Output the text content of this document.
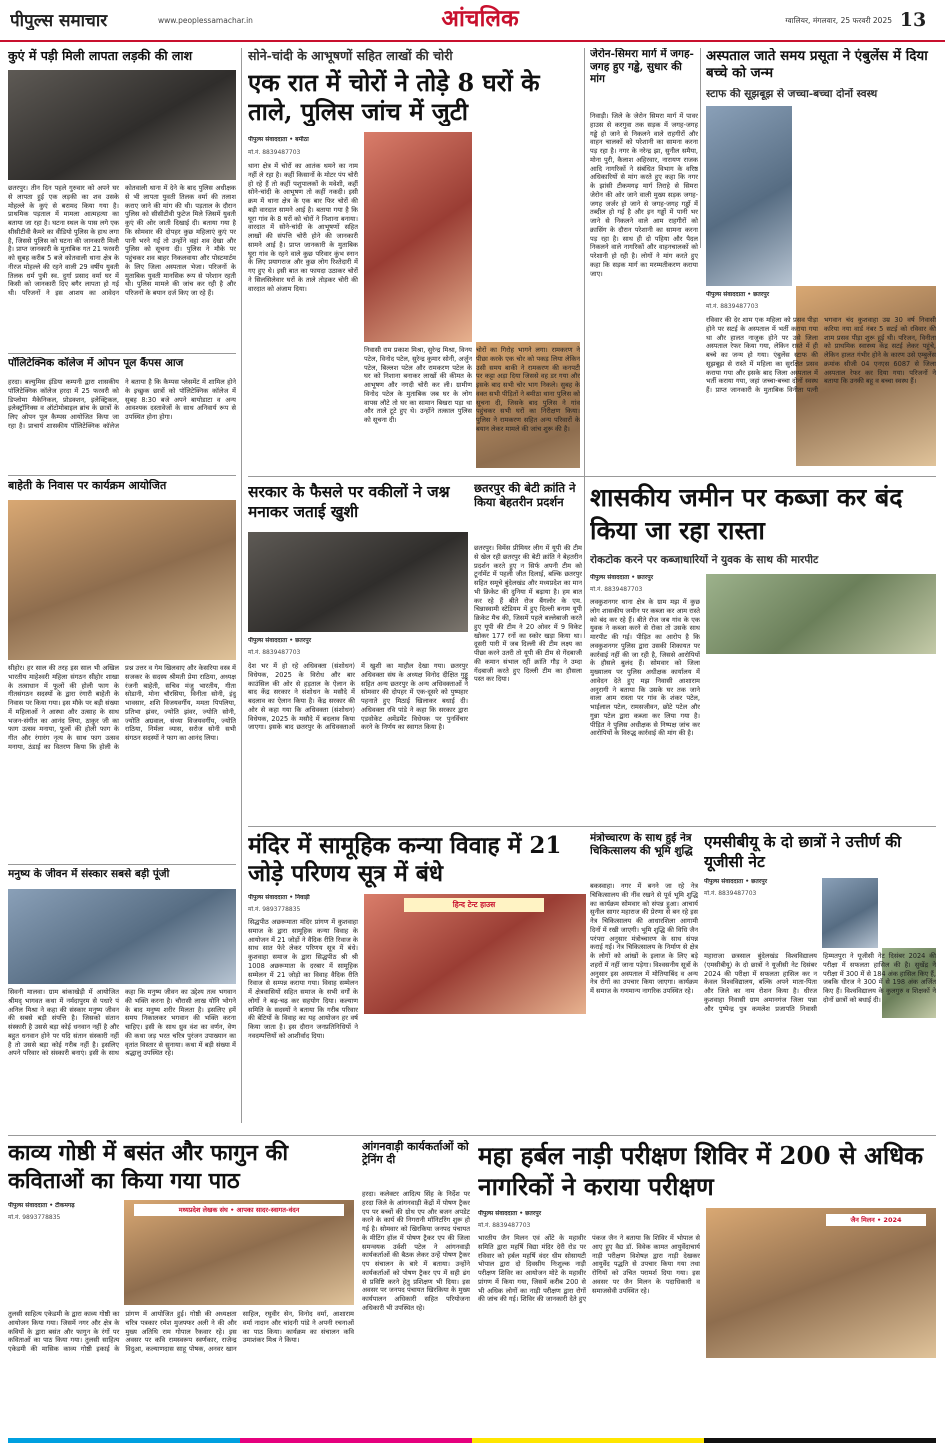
पीपुल्स समाचार	www.peoplessamachar.in	आंचलिक	ग्वालियर, मंगलवार, 25 फरवरी 2025 13
कुएं में पड़ी मिली लापता लड़की की लाश
छतरपुर। तीन दिन पहले गुरुवार को अपने घर से लापता हुई एक लड़की का शव उसके मोहल्ले के कुएं से बरामद किया गया है। प्राथमिक पड़ताल में मामला आत्महत्या का बताया जा रहा है। घटना स्थल के पास लगे एक सीसीटीवी कैमरे का वीडियो पुलिस के हाथ लगा है, जिससे पुलिस को घटना की जानकारी मिली है। प्राप्त जानकारी के मुताबिक गत 21 फरवरी को सुबह करीब 5 बजे कोतवाली थाना क्षेत्र के नीरज मोहल्ले की रहने वाली 29 वर्षीय युवती तिलक धर्म पुत्री स्व. दुर्गा प्रसाद वर्मा घर में किसी को जानकारी दिए बगैर लापता हो गई थी। परिजनों ने इस आशय का आवेदन कोतवाली थाना में देने के बाद पुलिस अधीक्षक से भी लापता युवती तिलक वर्मा की तलाश कराए जाने की मांग की थी। पड़ताल के दौरान पुलिस को सीसीटीवी फुटेज मिले जिसमें युवती कुएं की ओर जाती दिखाई दी। बताया गया है कि सोमवार की दोपहर कुछ महिलाएं कुएं पर पानी भरने गईं तो उन्होंने वहां शव देखा और पुलिस को सूचना दी। पुलिस ने मौके पर पहुंचकर शव बाहर निकलवाया और पोस्टमार्टम के लिए जिला अस्पताल भेजा। परिजनों के मुताबिक युवती मानसिक रूप से परेशान रहती थी। पुलिस मामले की जांच कर रही है और परिजनों के बयान दर्ज किए जा रहे हैं।
पॉलिटेक्निक कॉलेज में ओपन पूल कैंपस आज
हरदा। बल्युमिस इंडिया कम्पनी द्वारा शासकीय पॉलिटेक्निक कॉलेज हरदा में 25 फरवरी को डिप्लोमा मैकेनिकल, प्रोडक्शन, इलेक्ट्रिकल, इलेक्ट्रॉनिक्स व ऑटोमोबाइल ब्रांच के छात्रों के लिए ओपन पूल कैम्पस आयोजित किया जा रहा है। प्राचार्य शासकीय पॉलिटेक्निक कॉलेज ने बताया है कि कैम्पस प्लेसमेंट में शामिल होने के इच्छुक छात्रों को पॉलिटेक्निक कॉलेज में सुबह 8:30 बजे अपने बायोडाटा व अन्य आवश्यक दस्तावेजों के साथ अनिवार्य रूप से उपस्थित होना होगा।
बाहेती के निवास पर कार्यक्रम आयोजित
सीहोर। हर साल की तरह इस साल भी अखिल भारतीय माहेश्वरी महिला संगठन सीहोर शाखा के तत्वाधान में फूलों की होली फाग के गीतसंगठन सदस्यों के द्वारा रंगारी बाहेती के निवास पर किया गया। इस मौके पर बड़ी संख्या में महिलाओं ने आस्था और उत्साह के साथ भजन-संगीत का आनंद लिया, ठाकुर जी का फाग उत्सव मनाया, फूलों की होली फाग के गीत और रंगारंग नृत्य के साथ फाग उत्सव मनाया, ठंडाई का वितरण किया कि होली के प्रश्न उत्तर व गेम खिलवाए और केसरिया वस्त्र में सजकर के सदस्य श्रीमती प्रेमा राठिया, अध्यक्ष रंजनी बाहेती, सचिव मंजु भारतीय, गीता सोडानी, मोना चौरसिया, विनीता सोनी, इंदु भावसार, शशि विजयवर्गीय, ममता पिपलिया, प्रतिभा झंवर, ज्योति झंवर, ज्योति सोनी, ज्योति अग्रवाल, संध्या विजयवर्गीय, ज्योति राठिया, निर्मला व्यास, सरोज सोनी सभी संगठन सदस्यों ने फाग का आनंद लिया।
मनुष्य के जीवन में संस्कार सबसे बड़ी पूंजी
सिवनी मालवा। ग्राम बांकाखेड़ी में आयोजित श्रीमद् भागवत कथा में नर्मदापुरम से पधारे पं अनिल मिश्रा ने कहा की संस्कार मनुष्य जीवन की सबसे बड़ी संपत्ति है। जिसको संतान संस्कारी है उससे बड़ा कोई धनवान नहीं है और बहुत धनवान होने पर यदि संतान संस्कारी नहीं है तो उससे बड़ा कोई गरीब नहीं है। इसलिए अपने परिवार को संस्कारी बनाएं। इसी के साथ कहा कि मनुष्य जीवन का उद्देश्य तत्व भगवान की भक्ति करना है। चौरासी लाख योनि भोगने के बाद मनुष्य शरीर मिलता है। इसलिए हमें समय निकालकर भगवान की भक्ति करना चाहिए। इसी के साथ ध्रुव वंश का वर्णन, वेण की कथा जड़ भरत चरित्र पुरंजन उपाख्यान का वृतांत विस्तार से सुनाया। कथा में बड़ी संख्या में श्रद्धालु उपस्थित रहे।
सोने-चांदी के आभूषणों सहित लाखों की चोरी
एक रात में चोरों ने तोड़े 8 घरों के ताले, पुलिस जांच में जुटी
पीपुल्स संवाददाता • बमीठा
मो.नं. 8839487703
थाना क्षेत्र में चोरों का आतंक थमने का नाम नहीं ले रहा है। कहीं किसानों के मोटर पंप चोरी हो रहे हैं तो कहीं पशुपालकों के मवेशी, कहीं सोने-चांदी के आभूषण तो कहीं नकदी। इसी क्रम में थाना क्षेत्र के एक बार फिर चोरों की बड़ी वारदात सामने आई है। बताया गया है कि घूरा गांव के 8 घरों को चोरों ने निशाना बनाया। वारदात में सोने-चांदी के आभूषणों सहित लाखों की संपत्ति चोरी होने की जानकारी सामने आई है। प्राप्त जानकारी के मुताबिक घूरा गांव के रहने वाले कुछ परिवार कुंभ स्नान के लिए प्रयागराज और कुछ लोग रिश्तेदारी में गए हुए थे। इसी बात का फायदा उठाकर चोरों ने सिलसिलेवार घरों के ताले तोड़कर चोरी की वारदात को अंजाम दिया।
निवासी राम प्रकाश मिश्रा, सुरेन्द्र मिश्रा, विनय पटेल, विनोद पटेल, सुरेन्द्र कुमार सोनी, अर्जुन पटेल, बिल्लश पटेल और रामकरण पटेल के घर को निशाना बनाकर लाखों की कीमत के आभूषण और नगदी चोरी कर ली। ग्रामीण विनोद पटेल के मुताबिक जब घर के लोग वापस लौटे तो घर का सामान बिखरा पड़ा था और ताले टूटे हुए थे। उन्होंने तत्काल पुलिस को सूचना दी।
चोरों का गिरोह भागने लगा। रामकरण ने पीछा करके एक चोर को पकड़ लिया लेकिन उसी समय बाकी ने रामकरण की कनपटी पर कट्टा अड़ा दिया जिससे वह डर गया और इसके बाद सभी चोर भाग निकले। सुबह के वक्त सभी पीड़ितों ने बमीठा थाना पुलिस को सूचना दी, जिसके बाद पुलिस ने गांव पहुंचकर सभी घरों का निरीक्षण किया। पुलिस ने रामकरण सहित अन्य परिवारों के बयान लेकर मामले की जांच शुरू की है।
जेरोन-सिमरा मार्ग में जगह-जगह हुए गड्ढे, सुधार की मांग
निवाड़ी। जिले के जेरोन सिमरा मार्ग में पावर हाउस से करगुवा तक सड़क में जगह-जगह गड्ढे हो जाने से निकलने वाले राहगीरों और वाहन चालकों को परेशानी का सामना करना पड़ रहा है। नगर के नरेन्द्र झा, सुनील समैया, मोना पुरी, कैलाश अहिरवार, नारायण राजक आदि नागरिकों ने संबंधित विभाग के वरिष्ठ अधिकारियों से मांग करते हुए कहा कि नगर के झांसी टीकमगढ़ मार्ग तिराहे से सिमरा जेरोन की ओर जाने वाली मुख्य सड़क जगह-जगह जर्जर हो जाने से जगह-जगह गड्ढों में तब्दील हो गई है और इन गड्ढों में पानी भर जाने से निकलने वाले आम राहगीरों को क्रासिंग के दौरान परेशानी का सामना करना पड़ रहा है। साथ ही दो पहिया और पैदल निकलने वाले नागरिकों और वाहनचालकों को परेशानी हो रही है। लोगों ने मांग करते हुए कहा कि सड़क मार्ग का मरम्मतीकरण कराया जाए।
अस्पताल जाते समय प्रसूता ने एंबुलेंस में दिया बच्चे को जन्म
स्टाफ की सूझबूझ से जच्चा-बच्चा दोनों स्वस्थ
पीपुल्स संवाददाता • छतरपुर
मो.नं. 8839487703
रविवार की देर शाम एक महिला को प्रसव पीड़ा होने पर सटई के अस्पताल में भर्ती कराया गया था और हालत नाजुक होने पर उसे जिला अस्पताल रेफर किया गया, लेकिन रास्ते में ही बच्चे का जन्म हो गया। एंबुलेंस स्टाफ की सूझबूझ से रास्ते में महिला का सुरक्षित प्रसव कराया गया और इसके बाद जिला अस्पताल में भर्ती कराया गया, जहां जच्चा-बच्चा दोनों स्वस्थ हैं। प्राप्त जानकारी के मुताबिक विनीता पत्नी भगवान चंद कुशवाहा उम्र 30 वर्ष निवासी करिया नया वार्ड नंबर 5 सटई को रविवार की शाम प्रसव पीड़ा शुरू हुई थी। परिजन, विनीता को प्राथमिक स्वास्थ्य केंद्र सटई लेकर पहुंचे, लेकिन हालत गंभीर होने के कारण उसे एम्बुलेंस क्रमांक सीजी 04 एनएस 6087 से जिला अस्पताल रेफर कर दिया गया। परिजनों ने बताया कि उनकी बहू व बच्चा स्वस्थ हैं।
सरकार के फैसले पर वकीलों ने जश्न मनाकर जताई खुशी
पीपुल्स संवाददाता • छतरपुर
मो.नं. 8839487703
देश भर में हो रहे अधिवक्ता (संशोधन) विधेयक, 2025 के विरोध और बार काउंसिल की ओर से हड़ताल के ऐलान के बाद केंद्र सरकार ने संशोधन के मसौदे में बदलाव का ऐलान किया है। केंद्र सरकार की ओर से कहा गया कि अधिवक्ता (संशोधन) विधेयक, 2025 के मसौदे में बदलाव किया जाएगा। इसके बाद छतरपुर के अधिवक्ताओं में खुशी का माहौल देखा गया। छतरपुर अधिवक्ता संघ के अध्यक्ष विनोद दीक्षित गुड्डू सहित अन्य छतरपुर के अन्य अधिवक्ताओं ने सोमवार की दोपहर में एक-दूसरे को पुष्पहार पहनाते हुए मिठाई खिलाकर बधाई दी। अधिवक्ता रवि पांडे ने कहा कि सरकार द्वारा एडवोकेट अमेंडमेंट विधेयक पर पुनर्विचार करने के निर्णय का स्वागत किया है।
छतरपुर की बेटी क्रांति ने किया बेहतरीन प्रदर्शन
छतरपुर। विमेंस प्रीमियर लीग में यूपी की टीम से खेल रही छतरपुर की बेटी क्रांति ने बेहतरीन प्रदर्शन करते हुए न सिर्फ अपनी टीम को टूर्नामेंट में पहली जीत दिलाई, बल्कि छतरपुर सहित समूचे बुंदेलखंड और मध्यप्रदेश का मान भी क्रिकेट की दुनिया में बढ़ाया है। हम बात कर रहे हैं बीते रोज बैंगलोर के एम. चिन्नास्वामी स्टेडियम में हुए दिल्ली बनाम यूपी क्रिकेट मैच की, जिसमें पहले बल्लेबाजी करते हुए यूपी की टीम ने 20 ओवर में 9 विकेट खोकर 177 रनों का स्कोर खड़ा किया था। दूसरी पारी में जब दिल्ली की टीम लक्ष्य का पीछा करने उतरी तो यूपी की टीम से गेंदबाजी की कमान संभाल रहीं क्रांति गौड़ ने उम्दा गेंदबाजी करते हुए दिल्ली टीम का हौसला पस्त कर दिया।
शासकीय जमीन पर कब्जा कर बंद किया जा रहा रास्ता
रोकटोक करने पर कब्जाधारियों ने युवक के साथ की मारपीट
पीपुल्स संवाददाता • छतरपुर
मो.नं. 8839487703
लवकुशनगर थाना क्षेत्र के ग्राम मझ में कुछ लोग शासकीय जमीन पर कब्जा कर आम रास्ते को बंद कर रहे हैं। बीते रोज जब गांव के एक युवक ने कब्जा करने से रोका तो उसके साथ मारपीट की गई। पीड़ित का आरोप है कि लवकुशनगर पुलिस द्वारा उसकी शिकायत पर कार्रवाई नहीं की जा रही है, जिससे आरोपियों के हौसले बुलंद हैं। सोमवार को जिला मुख्यालय पर पुलिस अधीक्षक कार्यालय में आवेदन देते हुए मझ निवासी आशाराम अनुरागी ने बताया कि उसके घर तक जाने वाला आम रास्ता पर गांव के शंकर पटेल, भाईलाल पटेल, रामसजीवन, छोटे पटेल और गुन्ना पटेल द्वारा कब्जा कर लिया गया है। पीड़ित ने पुलिस अधीक्षक से निष्पक्ष जांच कर आरोपियों के विरुद्ध कार्रवाई की मांग की है।
मंदिर में सामूहिक कन्या विवाह में 21 जोड़े परिणय सूत्र में बंधे
पीपुल्स संवाददाता • निवाड़ी
मो.नं. 9893778835
सिद्धपीठ अछरूमाता मंदिर प्रांगण में कुशवाहा समाज के द्वारा सामूहिक कन्या विवाह के आयोजन में 21 जोड़ों ने वैदिक रीति रिवाज के साथ सात फेरे लेकर परिणय सूत्र में बंधे। कुशवाहा समाज के द्वारा सिद्धपीठ श्री श्री 1008 अछरूमाता के दरबार में सामूहिक सम्मेलन में 21 जोड़ो का विवाह वैदिक रीति रिवाज से सम्पन्न कराया गया। विवाह सम्मेलन में क्षेत्रवासियों सहित समाज के सभी वर्गों के लोगों ने बढ़-चढ़ कर सहयोग दिया। कल्याण समिति के सदस्यों ने बताया कि गरीब परिवार की बेटियों के विवाह का यह आयोजन हर वर्ष किया जाता है। इस दौरान जनप्रतिनिधियों ने नवदम्पत्तियों को आशीर्वाद दिया।
हिन्द टेन्ट हाउस
मंत्रोच्चारण के साथ हुई नेत्र चिकित्सालय की भूमि शुद्धि
बकस्वाहा। नगर में बनने जा रहे नेत्र चिकित्सालय की नींव रखने से पूर्व भूमि शुद्धि का कार्यक्रम सोमवार को संपन्न हुआ। आचार्य सुनील सागर महाराज की प्रेरणा से बन रहे इस नेत्र चिकित्सालय की आधारशिला आगामी दिनों में रखी जाएगी। भूमि शुद्धि की विधि जैन परंपरा अनुसार मंत्रोच्चारण के साथ संपन्न कराई गई। नेत्र चिकित्सालय के निर्माण से क्षेत्र के लोगों को आंखों के इलाज के लिए बड़े शहरों में नहीं जाना पड़ेगा। विश्वसनीय सूत्रों के अनुसार इस अस्पताल में मोतियाबिंद व अन्य नेत्र रोगों का उपचार किया जाएगा। कार्यक्रम में समाज के गणमान्य नागरिक उपस्थित रहे।
एमसीबीयू के दो छात्रों ने उत्तीर्ण की यूजीसी नेट
पीपुल्स संवाददाता • छतरपुर
मो.नं. 8839487703
महाराजा छत्रसाल बुंदेलखंड विश्वविद्यालय (एमसीबीयू) के दो छात्रों ने यूजीसी नेट दिसंबर 2024 की परीक्षा में सफलता हासिल कर न केवल विश्वविद्यालय, बल्कि अपने माता-पिता और जिले का नाम रोशन किया है। धीरज कुशवाहा निवासी ग्राम अमानगंज जिला पन्ना और पुष्पेन्द्र पुत्र कमलेश प्रजापति निवासी हिम्मतपुरा ने यूजीसी नेट दिसंबर 2024 की परीक्षा में सफलता हासिल की है। सुखेंद्र ने परीक्षा में 300 में से 184 अंक हासिल किए हैं, जबकि धीरज ने 300 में से 198 अंक अर्जित किए हैं। विश्वविद्यालय के कुलगुरु व शिक्षकों ने दोनों छात्रों को बधाई दी।
काव्य गोष्ठी में बसंत और फागुन की कविताओं का किया गया पाठ
पीपुल्स संवाददाता • टीकमगढ़
मो.नं. 9893778835
मध्यप्रदेश लेखक संघ • आपका सादर-स्वागत-वंदन
तुलसी साहित्य एकेडमी के द्वारा काव्य गोष्ठी का आयोजन किया गया। जिसमें नगर और क्षेत्र के कवियों के द्वारा बसंत और फागुन के रंगों पर कविताओं का पाठ किया गया। तुलसी साहित्य एकेडमी की मासिक काव्य गोष्ठी इकाई के प्रांगण में आयोजित हुई। गोष्ठी की अध्यक्षता चरित्र पत्रकार रमेश मुजफ्फर अली ने की और मुख्य अतिथि राम गोपाल रैकवार रहे। इस अवसर पर कवि रामस्वरूप स्वर्णकार, राजेन्द्र विदुआ, कल्याणदास साहू पोषक, अनवर खान साहिल, रघुवीर सेन, विनोद वर्मा, आशाराम वर्मा नादान और चांदनी पांडे ने अपनी रचनाओं का पाठ किया। कार्यक्रम का संचालन कवि उमाशंकर मिश्र ने किया।
आंगनवाड़ी कार्यकर्ताओं को ट्रेनिंग दी
हरदा। कलेक्टर आदित्य सिंह के निर्देश पर हरदा जिले के आंगनवाड़ी केंद्रों में पोषण ट्रैकर एप पर बच्चों की ग्रोथ एप और बजन अपडेट करने के कार्य की निगरानी मॉनिटरिंग शुरू हो गई है। सोमवार को खिरकिया जनपद पंचायत के मीटिंग हॉल में पोषण ट्रैकर एप की जिला समन्वयक उर्वशी पटेल ने आंगनवाड़ी कार्यकर्ताओं की बैठक लेकर उन्हें पोषण ट्रैकर एप संचालन के बारे में बताया। उन्होंने कार्यकर्ताओं को पोषण ट्रैकर एप में सही ढंग से प्रविष्टि करने हेतु प्रशिक्षण भी दिया। इस अवसर पर जनपद पंचायत खिरकिया के मुख्य कार्यपालन अधिकारी सहित परियोजना अधिकारी भी उपस्थित रहे।
महा हर्बल नाड़ी परीक्षण शिविर में 200 से अधिक नागरिकों ने कराया परीक्षण
पीपुल्स संवाददाता • छतरपुर
मो.नं. 8839487703
जैन मिलन • 2024
भारतीय जैन मिलन एवं ओंटे के महावीर समिति द्वारा महर्षि विद्या मंदिर देरी रोड पर रविवार को हर्बल महर्षि वंदर धीम सोसायटी भोपाल द्वारा दो दिवसीय निःशुल्क नाड़ी परीक्षण शिविर का आयोजन मोटे के महावीर प्रांगण में किया गया, जिसमें करीब 200 से भी अधिक लोगों का नाड़ी परीक्षण द्वारा रोगों की जांच की गई। शिविर की जानकारी देते हुए पंकज जैन ने बताया कि शिविर में भोपाल से आए हुए वैद्य डॉ. विवेक कामत आयुर्वेदाचार्य नाड़ी परीक्षण विशेषज्ञ द्वारा नाड़ी देखकर आयुर्वेद पद्धति से उपचार किया गया तथा रोगियों को उचित परामर्श दिया गया। इस अवसर पर जैन मिलन के पदाधिकारी व समाजसेवी उपस्थित रहे।
